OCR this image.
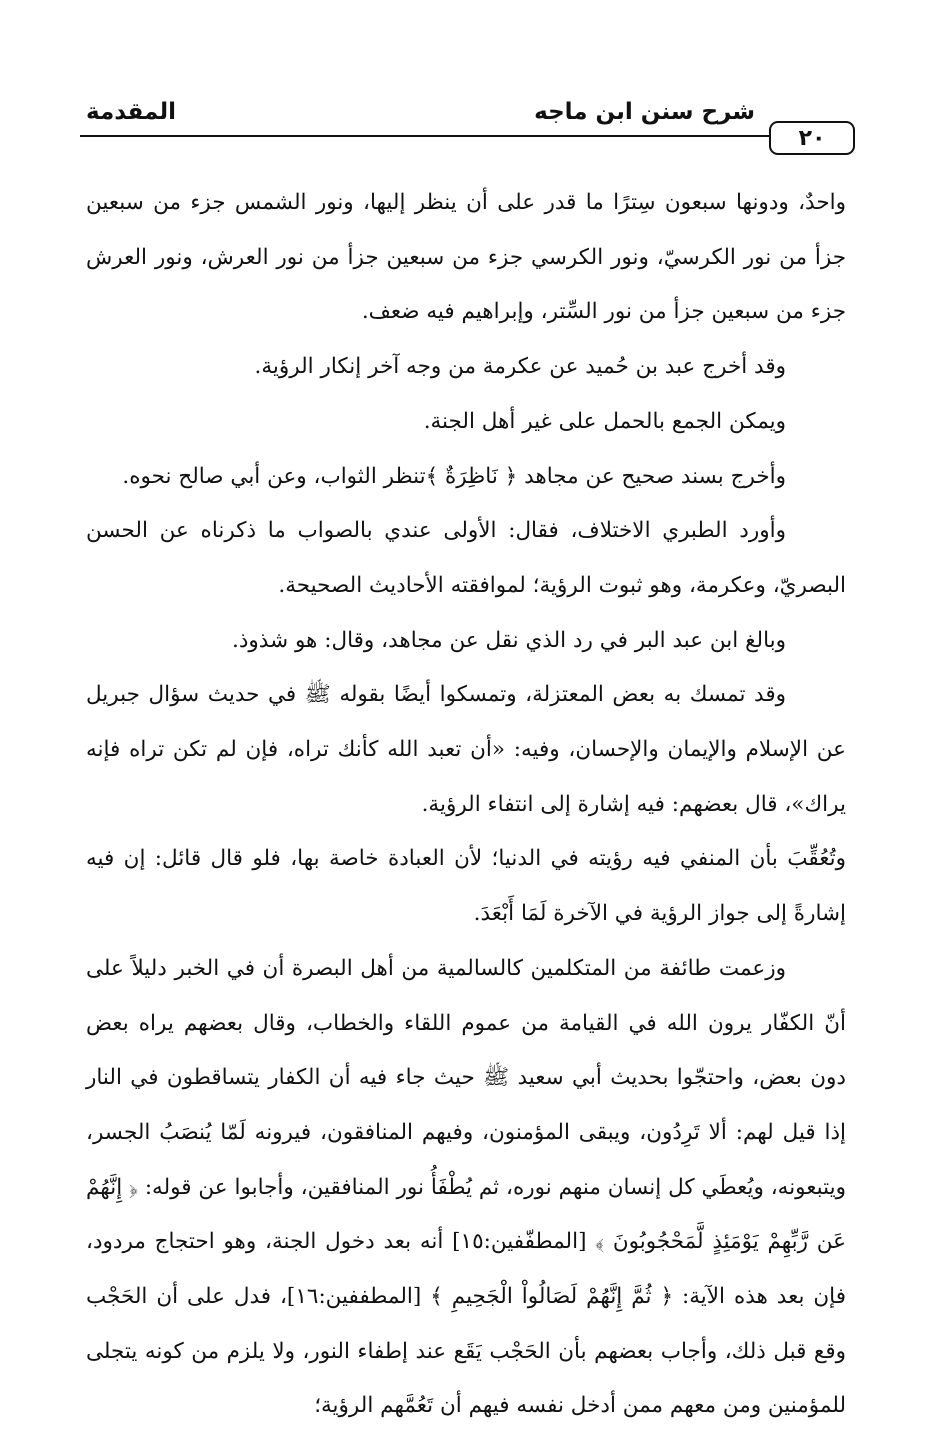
٢٠
شرح سنن ابن ماجه
المقدمة

واحدٌ، ودونها سبعون سِترًا ما قدر على أن ينظر إليها، ونور الشمس جزء من سبعين جزأ من نور الكرسيّ، ونور الكرسي جزء من سبعين جزأ من نور العرش، ونور العرش جزء من سبعين جزأ من نور السِّتر، وإبراهيم فيه ضعف.

وقد أخرج عبد بن حُميد عن عكرمة من وجه آخر إنكار الرؤية.

ويمكن الجمع بالحمل على غير أهل الجنة.

وأخرج بسند صحيح عن مجاهد ﴿ نَاظِرَةٌ ﴾تنظر الثواب، وعن أبي صالح نحوه.

وأورد الطبري الاختلاف، فقال: الأولى عندي بالصواب ما ذكرناه عن الحسن البصريّ، وعكرمة، وهو ثبوت الرؤية؛ لموافقته الأحاديث الصحيحة.

وبالغ ابن عبد البر في رد الذي نقل عن مجاهد، وقال: هو شذوذ.

وقد تمسك به بعض المعتزلة، وتمسكوا أيضًا بقوله ﷺ في حديث سؤال جبريل عن الإسلام والإيمان والإحسان، وفيه: «أن تعبد الله كأنك تراه، فإن لم تكن تراه فإنه يراك»، قال بعضهم: فيه إشارة إلى انتفاء الرؤية.

وتُعُقِّبَ بأن المنفي فيه رؤيته في الدنيا؛ لأن العبادة خاصة بها، فلو قال قائل: إن فيه إشارةً إلى جواز الرؤية في الآخرة لَمَا أَبْعَدَ.

وزعمت طائفة من المتكلمين كالسالمية من أهل البصرة أن في الخبر دليلاً على أنّ الكفّار يرون الله في القيامة من عموم اللقاء والخطاب، وقال بعضهم يراه بعض دون بعض، واحتجّوا بحديث أبي سعيد ﷺ حيث جاء فيه أن الكفار يتساقطون في النار إذا قيل لهم: ألا تَرِدُون، ويبقى المؤمنون، وفيهم المنافقون، فيرونه لَمّا يُنصَبُ الجسر، ويتبعونه، ويُعطَي كل إنسان منهم نوره، ثم يُطْفَأُ نور المنافقين، وأجابوا عن قوله: ﴿ إِنَّهُمْ عَن رَّبِّهِمْ يَوْمَئِذٍ لَّمَحْجُوبُونَ ﴾ [المطفّفين:١٥] أنه بعد دخول الجنة، وهو احتجاج مردود، فإن بعد هذه الآية: ﴿ ثُمَّ إِنَّهُمْ لَصَالُواْ الْجَحِيمِ ﴾ [المطففين:١٦]، فدل على أن الحَجْب وقع قبل ذلك، وأجاب بعضهم بأن الحَجْب يَقَع عند إطفاء النور، ولا يلزم من كونه يتجلى للمؤمنين ومن معهم ممن أدخل نفسه فيهم أن تَعُمَّهم الرؤية؛
